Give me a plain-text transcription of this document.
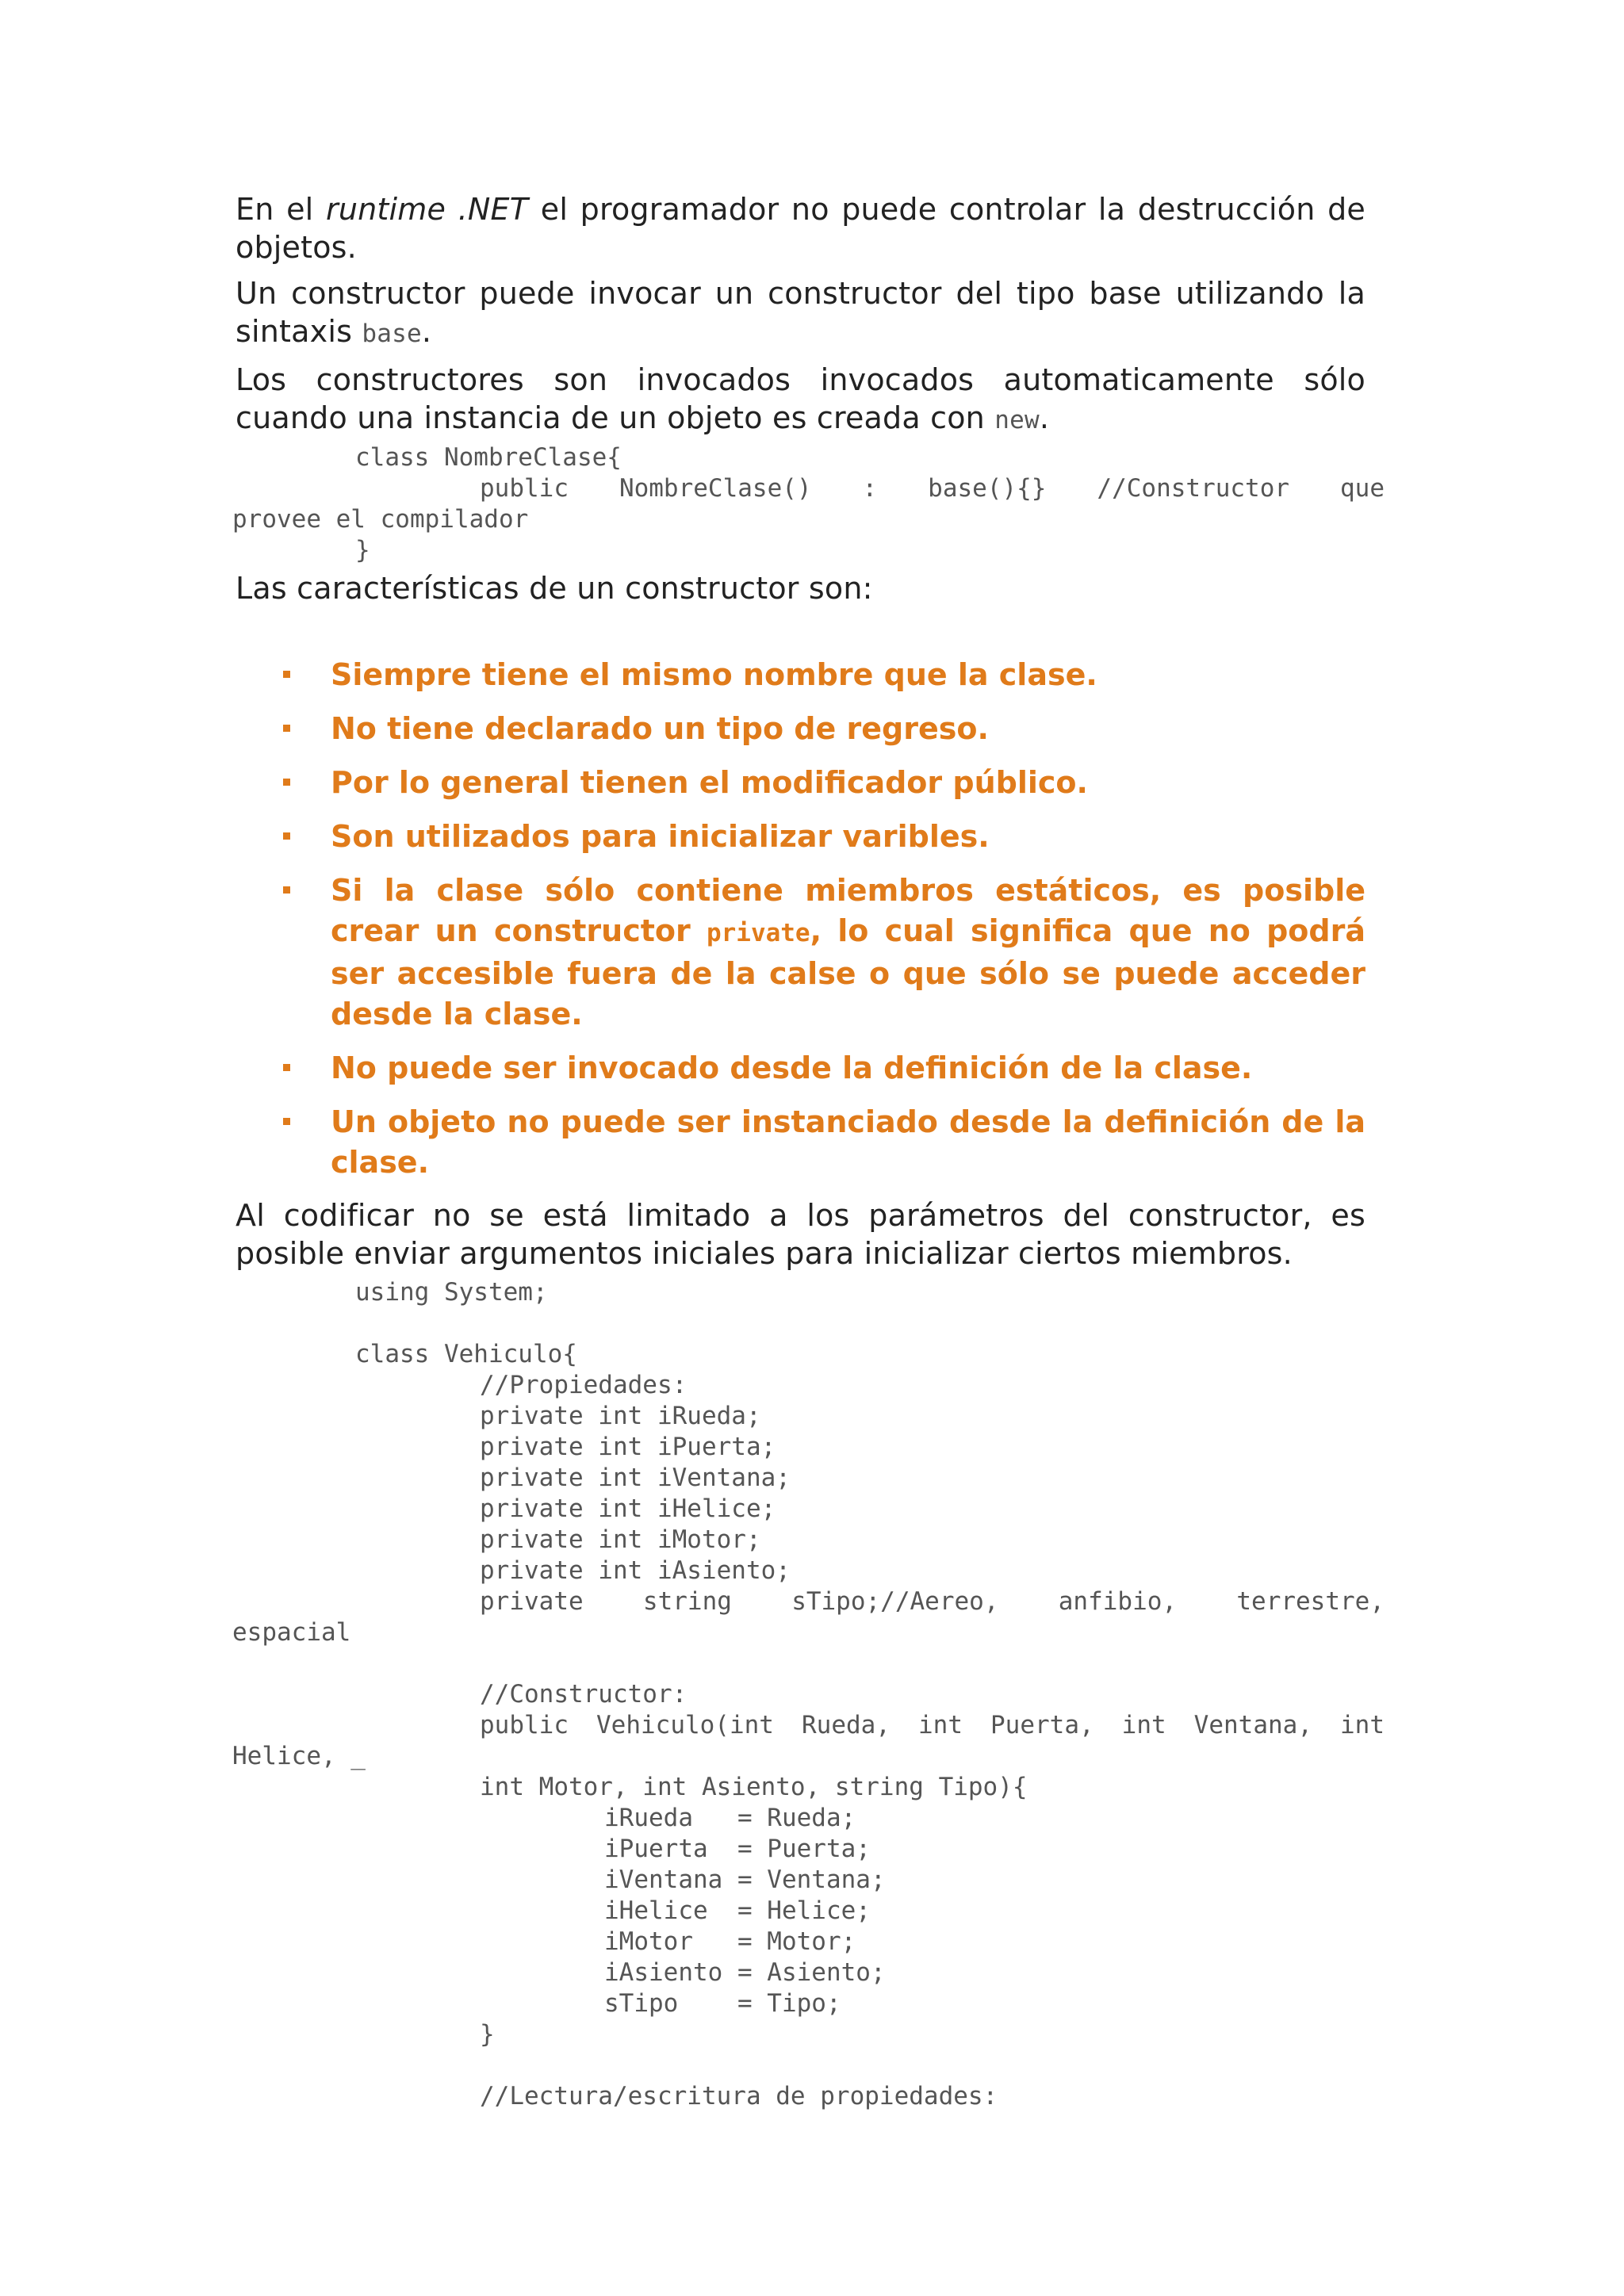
En el runtime .NET el programador no puede controlar la destrucción de objetos.

Un constructor puede invocar un constructor del tipo base utilizando la sintaxis base.

Los constructores son invocados invocados automaticamente sólo cuando una instancia de un objeto es creada con new.

class NombreClase{
public NombreClase() : base(){} //Constructor que
provee el compilador
}

Las características de un constructor son:

Siempre tiene el mismo nombre que la clase.
No tiene declarado un tipo de regreso.
Por lo general tienen el modificador público.
Son utilizados para inicializar varibles.
Si la clase sólo contiene miembros estáticos, es posible crear un constructor private, lo cual significa que no podrá ser accesible fuera de la calse o que sólo se puede acceder desde la clase.
No puede ser invocado desde la definición de la clase.
Un objeto no puede ser instanciado desde la definición de la clase.

Al codificar no se está limitado a los parámetros del constructor, es posible enviar argumentos iniciales para inicializar ciertos miembros.

using System;

class Vehiculo{
//Propiedades:
private int iRueda;
private int iPuerta;
private int iVentana;
private int iHelice;
private int iMotor;
private int iAsiento;
private string sTipo;//Aereo, anfibio, terrestre,
espacial

//Constructor:
public Vehiculo(int Rueda, int Puerta, int Ventana, int
Helice, _
int Motor, int Asiento, string Tipo){
iRueda   = Rueda;
iPuerta  = Puerta;
iVentana = Ventana;
iHelice  = Helice;
iMotor   = Motor;
iAsiento = Asiento;
sTipo    = Tipo;
}

//Lectura/escritura de propiedades:
